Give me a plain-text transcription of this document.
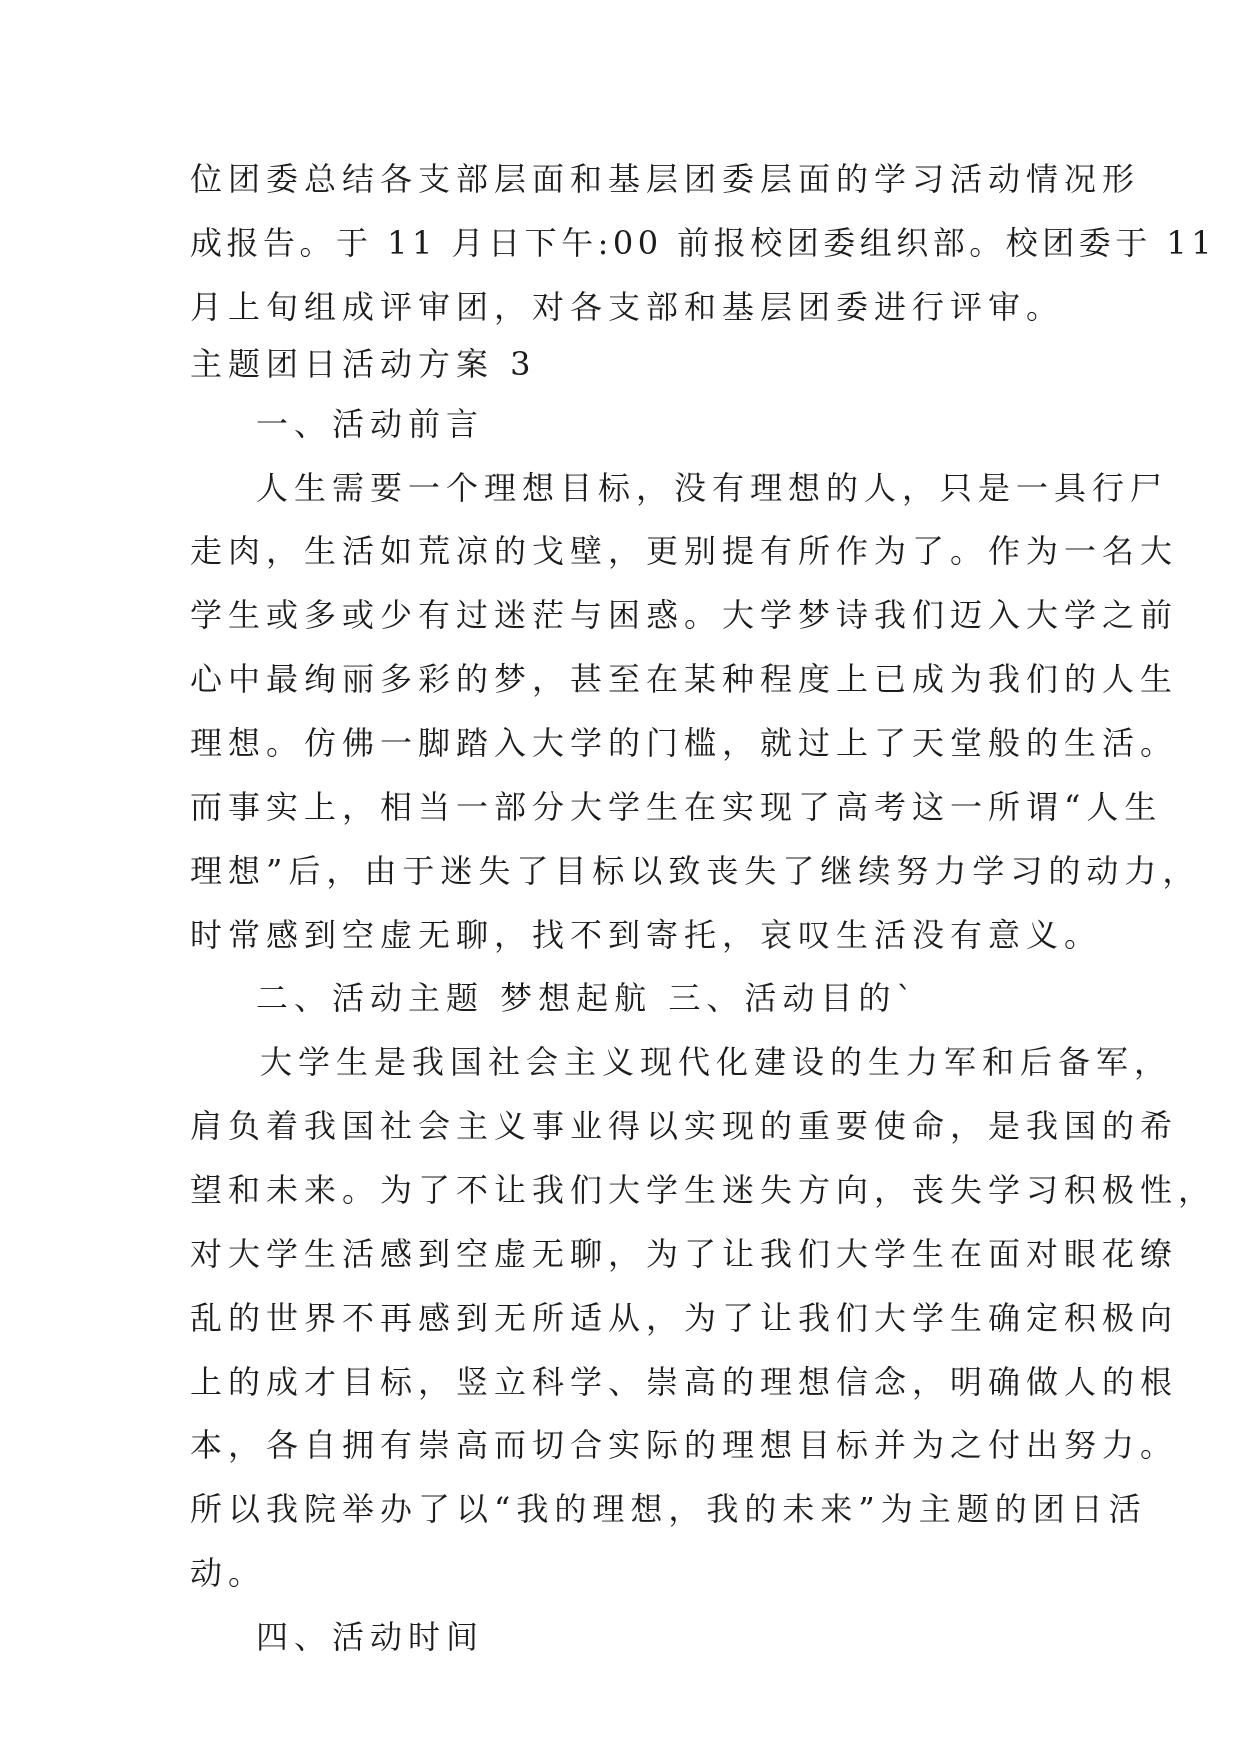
位团委总结各支部层面和基层团委层面的学习活动情况形
成报告。于 11 月日下午:00 前报校团委组织部。校团委于 11
月上旬组成评审团，对各支部和基层团委进行评审。
主题团日活动方案 3
一、活动前言
人生需要一个理想目标，没有理想的人，只是一具行尸
走肉，生活如荒凉的戈壁，更别提有所作为了。作为一名大
学生或多或少有过迷茫与困惑。大学梦诗我们迈入大学之前
心中最绚丽多彩的梦，甚至在某种程度上已成为我们的人生
理想。仿佛一脚踏入大学的门槛，就过上了天堂般的生活。
而事实上，相当一部分大学生在实现了高考这一所谓“人生
理想”后，由于迷失了目标以致丧失了继续努力学习的动力，
时常感到空虚无聊，找不到寄托，哀叹生活没有意义。
二、活动主题 梦想起航 三、活动目的`
大学生是我国社会主义现代化建设的生力军和后备军，
肩负着我国社会主义事业得以实现的重要使命，是我国的希
望和未来。为了不让我们大学生迷失方向，丧失学习积极性，
对大学生活感到空虚无聊，为了让我们大学生在面对眼花缭
乱的世界不再感到无所适从，为了让我们大学生确定积极向
上的成才目标，竖立科学、崇高的理想信念，明确做人的根
本，各自拥有崇高而切合实际的理想目标并为之付出努力。
所以我院举办了以“我的理想，我的未来”为主题的团日活
动。
四、活动时间
